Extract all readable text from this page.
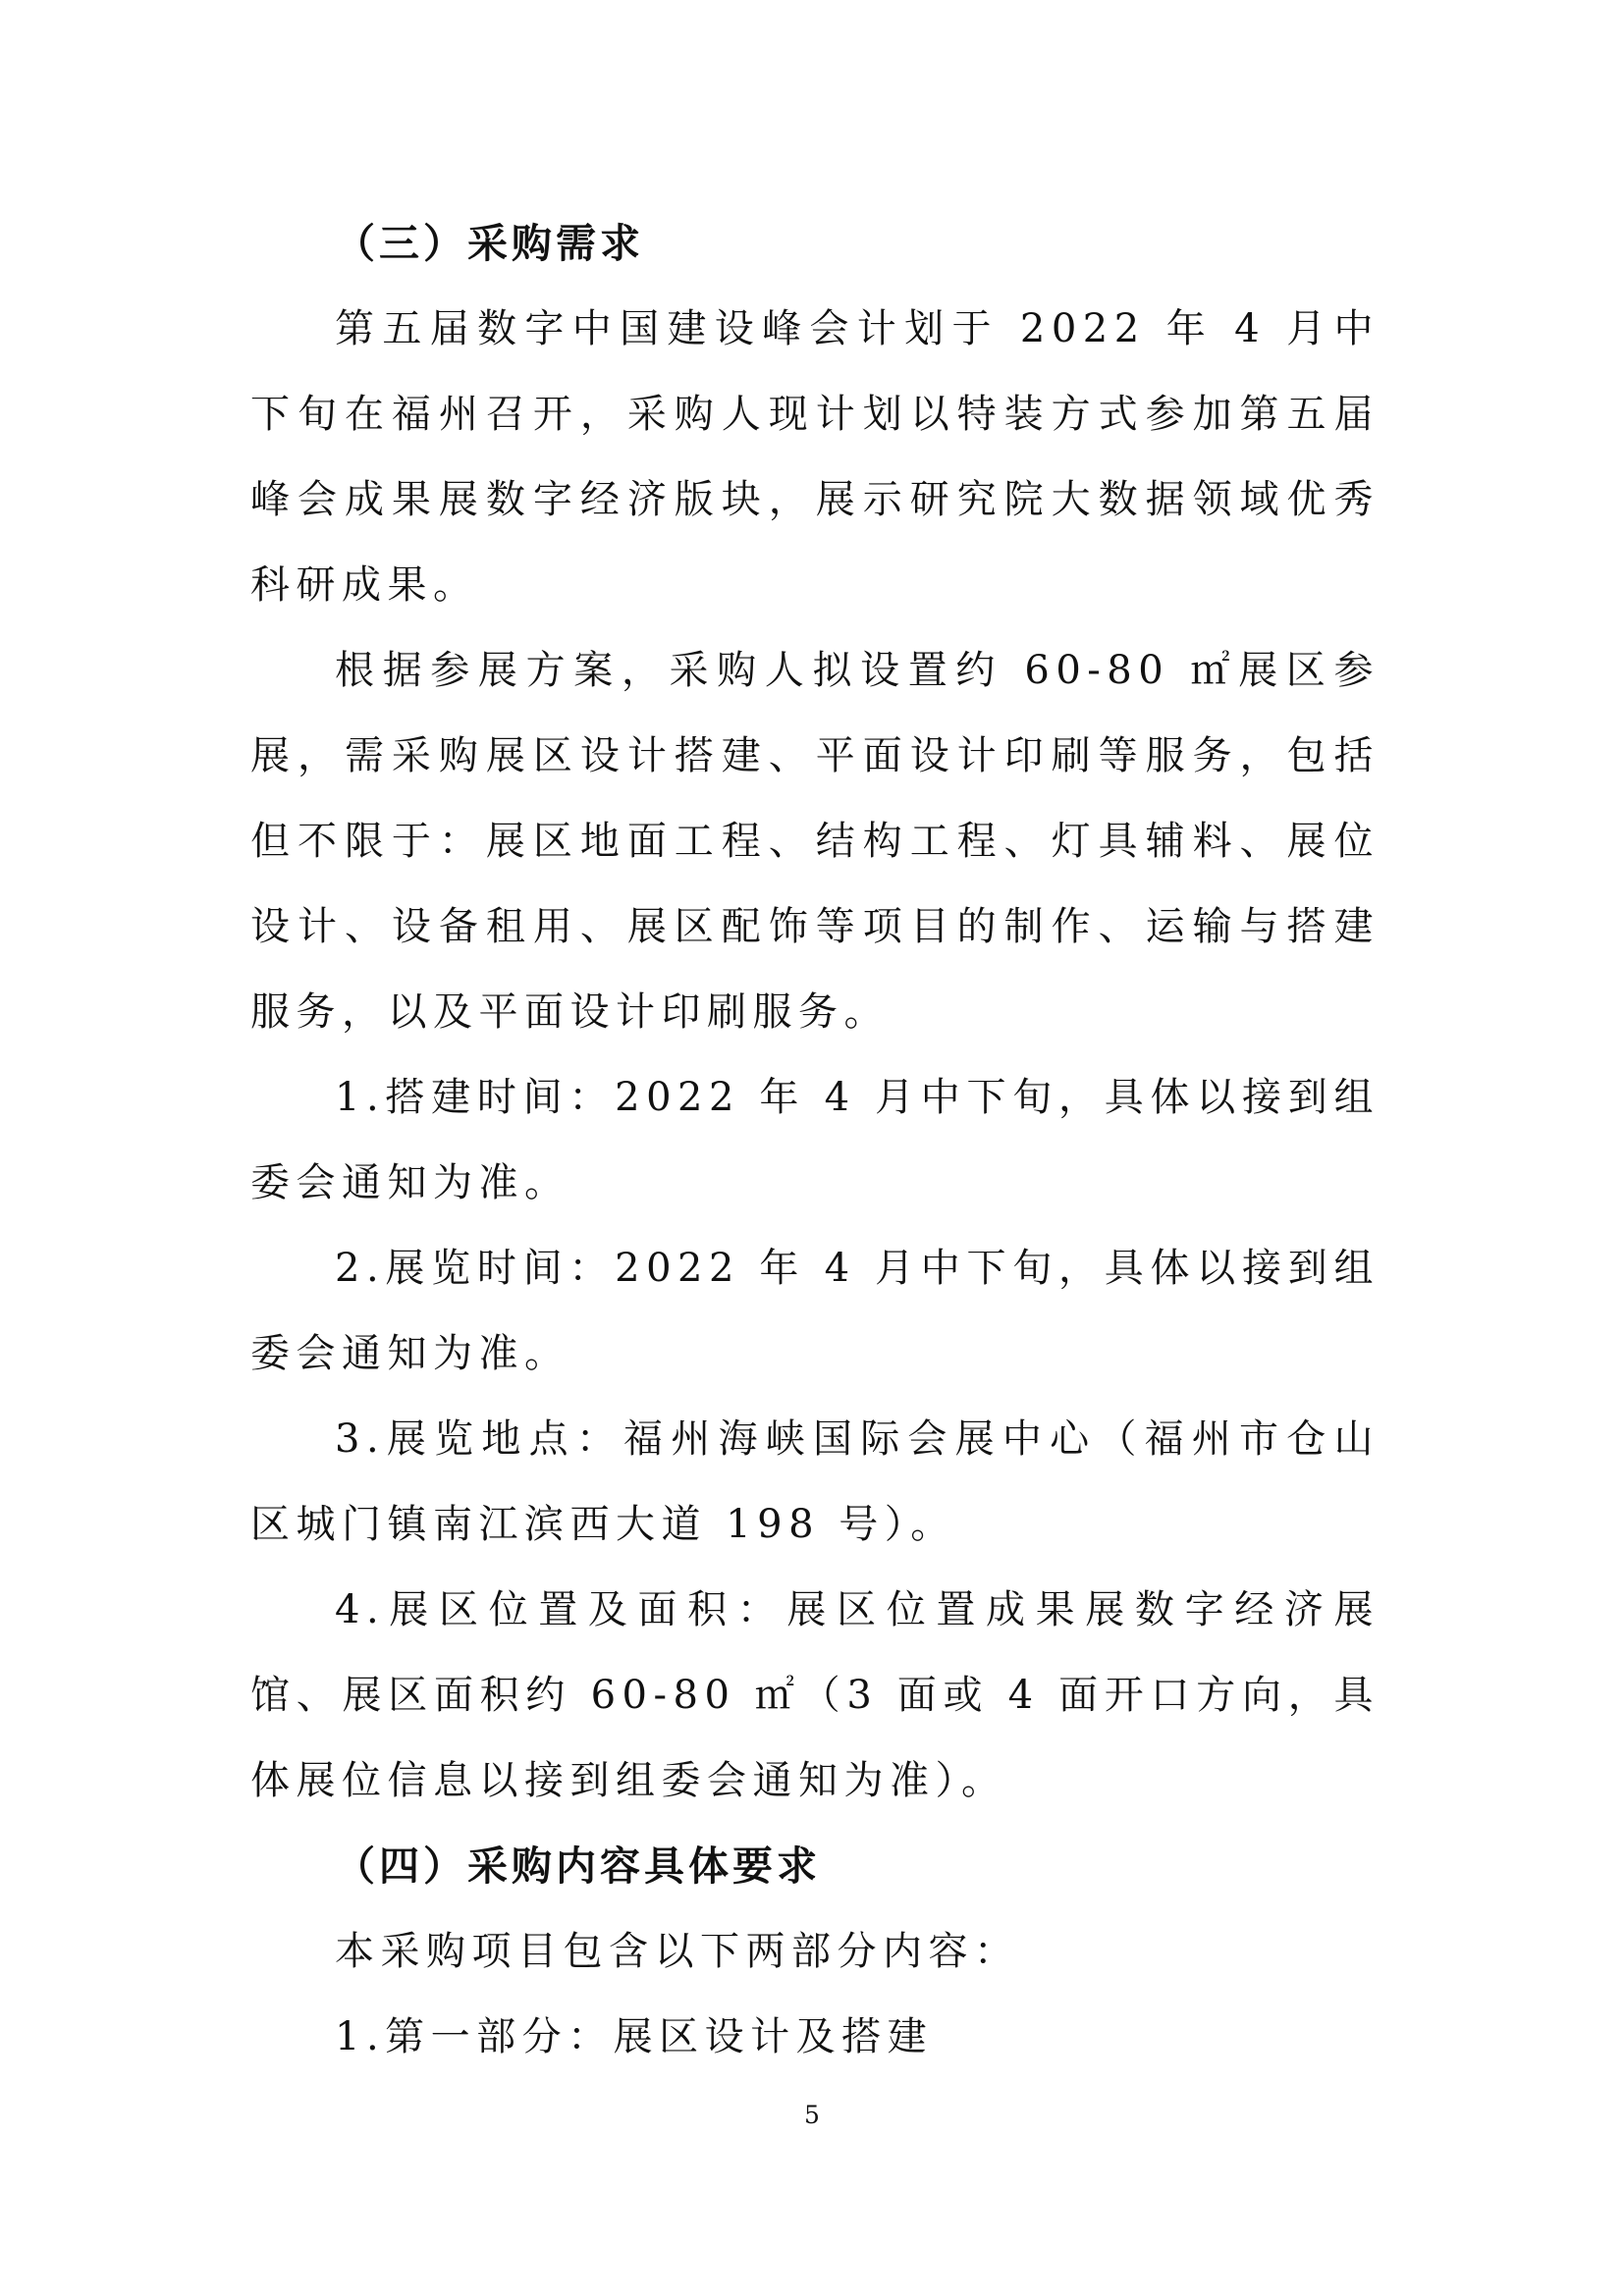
（三）采购需求

第五届数字中国建设峰会计划于 2022 年 4 月中下旬在福州召开，采购人现计划以特装方式参加第五届峰会成果展数字经济版块，展示研究院大数据领域优秀科研成果。

根据参展方案，采购人拟设置约 60-80 ㎡展区参展，需采购展区设计搭建、平面设计印刷等服务，包括但不限于：展区地面工程、结构工程、灯具辅料、展位设计、设备租用、展区配饰等项目的制作、运输与搭建服务，以及平面设计印刷服务。

1.搭建时间：2022 年 4 月中下旬，具体以接到组委会通知为准。

2.展览时间：2022 年 4 月中下旬，具体以接到组委会通知为准。

3.展览地点：福州海峡国际会展中心（福州市仓山区城门镇南江滨西大道 198 号）。

4.展区位置及面积：展区位置成果展数字经济展馆、展区面积约 60-80 ㎡（3 面或 4 面开口方向，具体展位信息以接到组委会通知为准）。

（四）采购内容具体要求

本采购项目包含以下两部分内容：

1.第一部分：展区设计及搭建

5
